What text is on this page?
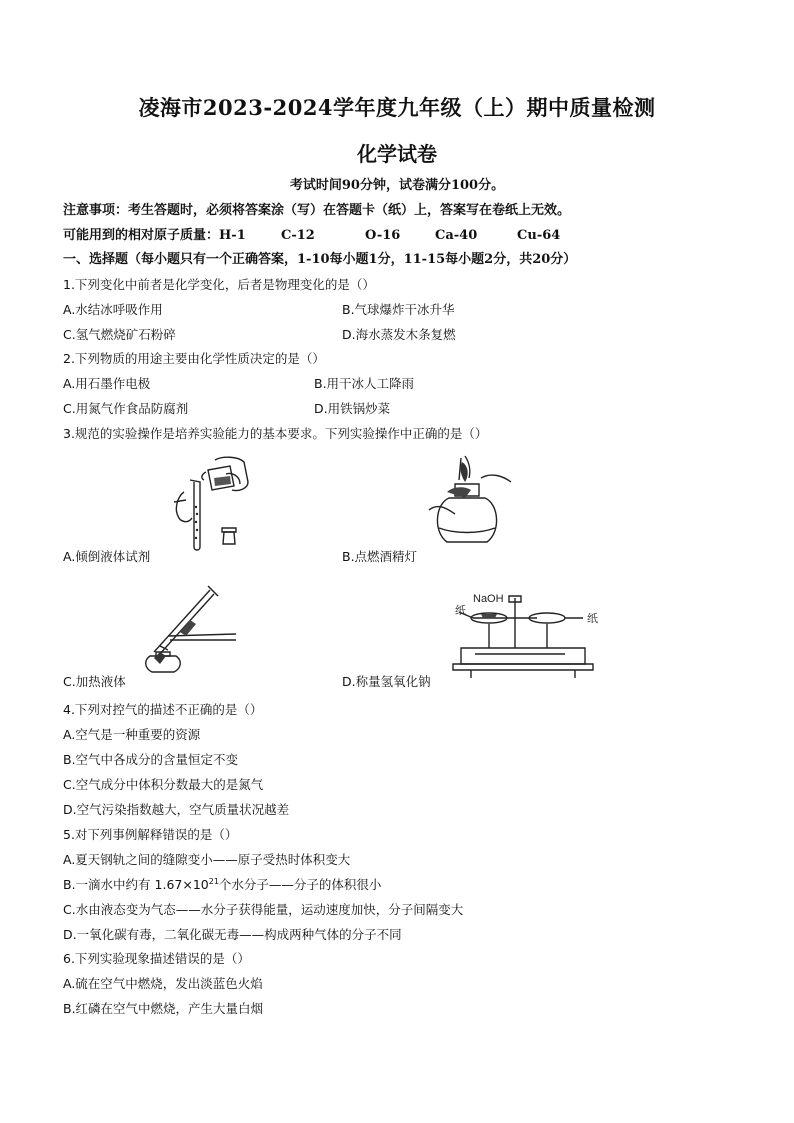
凌海市2023-2024学年度九年级（上）期中质量检测
化学试卷
考试时间90分钟，试卷满分100分。
注意事项：考生答题时，必须将答案涂（写）在答题卡（纸）上，答案写在卷纸上无效。
可能用到的相对原子质量：H-1	C-12	O-16	Ca-40	Cu-64
一、选择题（每小题只有一个正确答案，1-10每小题1分，11-15每小题2分，共20分）
1.下列变化中前者是化学变化，后者是物理变化的是（）
A.水结冰呼吸作用	B.气球爆炸干冰升华
C.氢气燃烧矿石粉碎	D.海水蒸发木条复燃
2.下列物质的用途主要由化学性质决定的是（）
A.用石墨作电极	B.用干冰人工降雨
C.用氮气作食品防腐剂	D.用铁锅炒菜
3.规范的实验操作是培养实验能力的基本要求。下列实验操作中正确的是（）
A.倾倒液体试剂	B.点燃酒精灯
C.加热液体
纸
纸
NaOH
D.称量氢氧化钠
4.下列对控气的描述不正确的是（）
A.空气是一种重要的资源
B.空气中各成分的含量恒定不变
C.空气成分中体积分数最大的是氮气
D.空气污染指数越大，空气质量状况越差
5.对下列事例解释错误的是（）
A.夏天钢轨之间的缝隙变小——原子受热时体积变大
B.一滴水中约有 $1.67\times 10^{21}$个水分子——分子的体积很小
C.水由液态变为气态——水分子获得能量，运动速度加快，分子间隔变大
D.一氧化碳有毒，二氧化碳无毒——构成两种气体的分子不同
6.下列实验现象描述错误的是（）
A.硫在空气中燃烧，发出淡蓝色火焰
B.红磷在空气中燃烧，产生大量白烟
